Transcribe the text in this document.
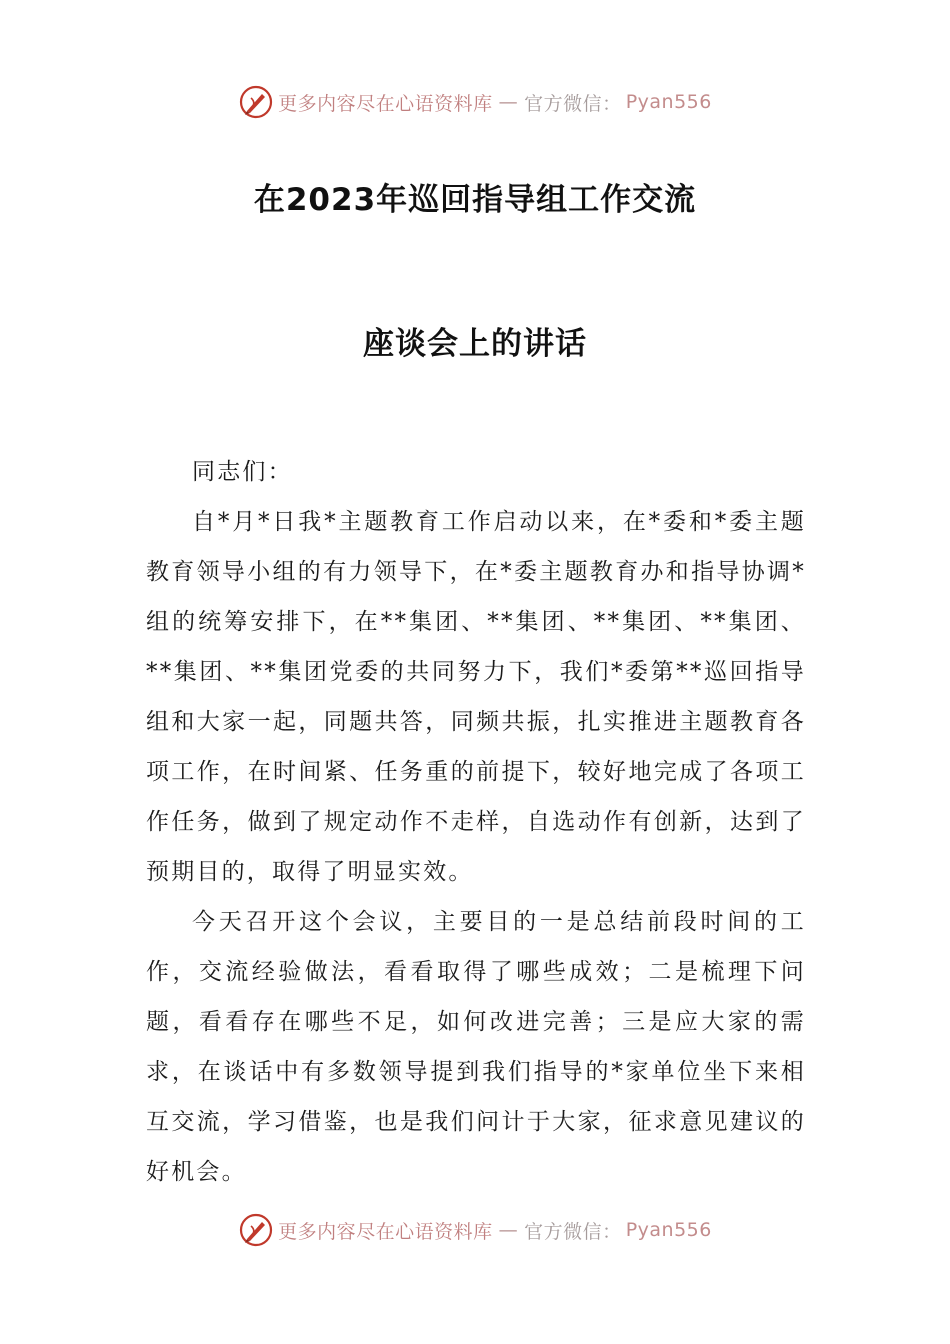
更多内容尽在心语资料库 — 官方微信： Pyan556
在2023年巡回指导组工作交流
座谈会上的讲话

同志们：

自*月*日我*主题教育工作启动以来，在*委和*委主题教育领导小组的有力领导下，在*委主题教育办和指导协调*组的统筹安排下，在**集团、**集团、**集团、**集团、**集团、**集团党委的共同努力下，我们*委第**巡回指导组和大家一起，同题共答，同频共振，扎实推进主题教育各项工作，在时间紧、任务重的前提下，较好地完成了各项工作任务，做到了规定动作不走样，自选动作有创新，达到了预期目的，取得了明显实效。

今天召开这个会议，主要目的一是总结前段时间的工作，交流经验做法，看看取得了哪些成效；二是梳理下问题，看看存在哪些不足，如何改进完善；三是应大家的需求，在谈话中有多数领导提到我们指导的*家单位坐下来相互交流，学习借鉴，也是我们问计于大家，征求意见建议的好机会。

更多内容尽在心语资料库 — 官方微信： Pyan556
